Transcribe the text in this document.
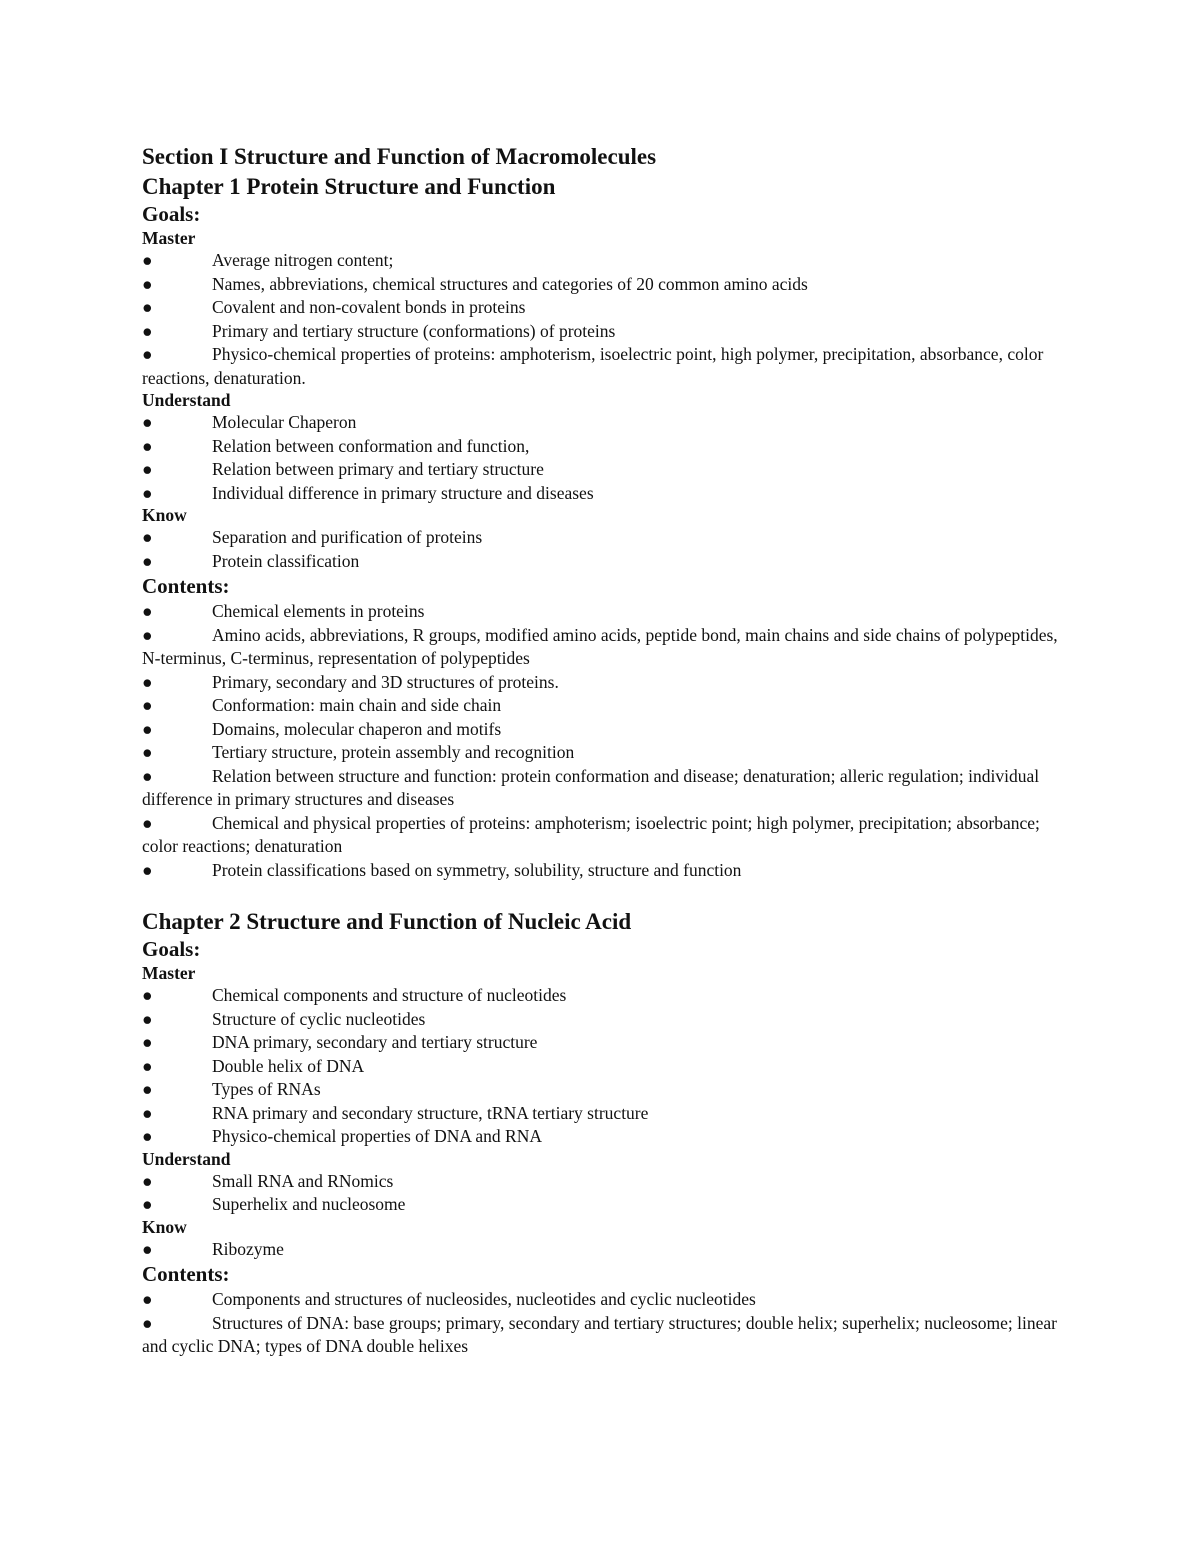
Section I Structure and Function of Macromolecules
Chapter 1 Protein Structure and Function
Goals:
Master
●	Average nitrogen content;
●	Names, abbreviations, chemical structures and categories of 20 common amino acids
●	Covalent and non-covalent bonds in proteins
●	Primary and tertiary structure (conformations) of proteins
●	Physico-chemical properties of proteins: amphoterism, isoelectric point, high polymer, precipitation, absorbance, color reactions, denaturation.
Understand
●	Molecular Chaperon
●	Relation between conformation and function,
●	Relation between primary and tertiary structure
●	Individual difference in primary structure and diseases
Know
●	Separation and purification of proteins
●	Protein classification
Contents:
●	Chemical elements in proteins
●	Amino acids, abbreviations, R groups, modified amino acids, peptide bond, main chains and side chains of polypeptides, N-terminus, C-terminus, representation of polypeptides
●	Primary, secondary and 3D structures of proteins.
●	Conformation: main chain and side chain
●	Domains, molecular chaperon and motifs
●	Tertiary structure, protein assembly and recognition
●	Relation between structure and function: protein conformation and disease; denaturation; alleric regulation; individual difference in primary structures and diseases
●	Chemical and physical properties of proteins: amphoterism; isoelectric point; high polymer, precipitation; absorbance; color reactions; denaturation
●	Protein classifications based on symmetry, solubility, structure and function
Chapter 2 Structure and Function of Nucleic Acid
Goals:
Master
●	Chemical components and structure of nucleotides
●	Structure of cyclic nucleotides
●	DNA primary, secondary and tertiary structure
●	Double helix of DNA
●	Types of RNAs
●	RNA primary and secondary structure, tRNA tertiary structure
●	Physico-chemical properties of DNA and RNA
Understand
●	Small RNA and RNomics
●	Superhelix and nucleosome
Know
●	Ribozyme
Contents:
●	Components and structures of nucleosides, nucleotides and cyclic nucleotides
●	Structures of DNA: base groups; primary, secondary and tertiary structures; double helix; superhelix; nucleosome; linear and cyclic DNA; types of DNA double helixes
